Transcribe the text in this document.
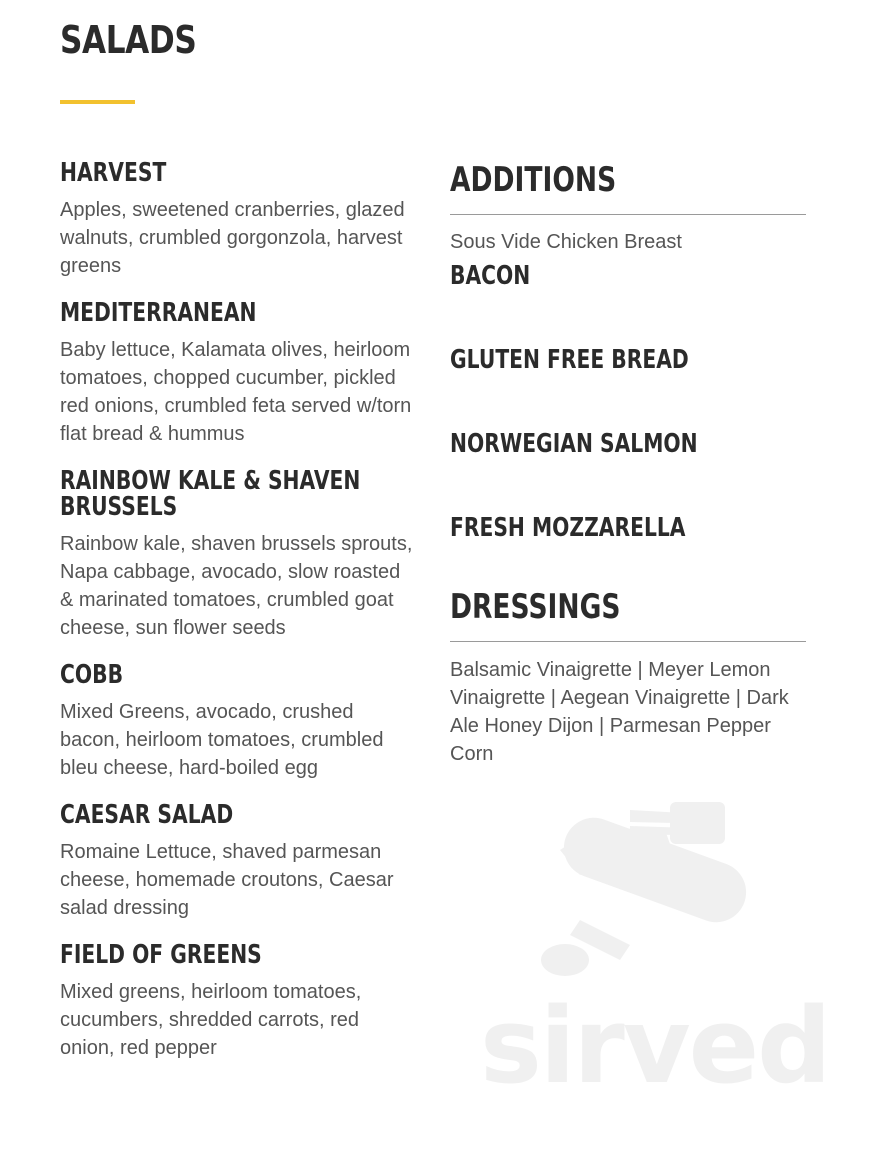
SALADS
HARVEST

Apples, sweetened cranberries, glazed walnuts, crumbled gorgonzola, harvest greens

MEDITERRANEAN

Baby lettuce, Kalamata olives, heirloom tomatoes, chopped cucumber, pickled red onions, crumbled feta served w/torn flat bread & hummus

RAINBOW KALE & SHAVEN BRUSSELS

Rainbow kale, shaven brussels sprouts, Napa cabbage, avocado, slow roasted & marinated tomatoes, crumbled goat cheese, sun flower seeds

COBB

Mixed Greens, avocado, crushed bacon, heirloom tomatoes, crumbled bleu cheese, hard-boiled egg

CAESAR SALAD

Romaine Lettuce, shaved parmesan cheese, homemade croutons, Caesar salad dressing

FIELD OF GREENS

Mixed greens, heirloom tomatoes, cucumbers, shredded carrots, red onion, red pepper

ADDITIONS

Sous Vide Chicken Breast

BACON
GLUTEN FREE BREAD
NORWEGIAN SALMON
FRESH MOZZARELLA
DRESSINGS

Balsamic Vinaigrette | Meyer Lemon Vinaigrette | Aegean Vinaigrette | Dark Ale Honey Dijon | Parmesan Pepper Corn

sirved
